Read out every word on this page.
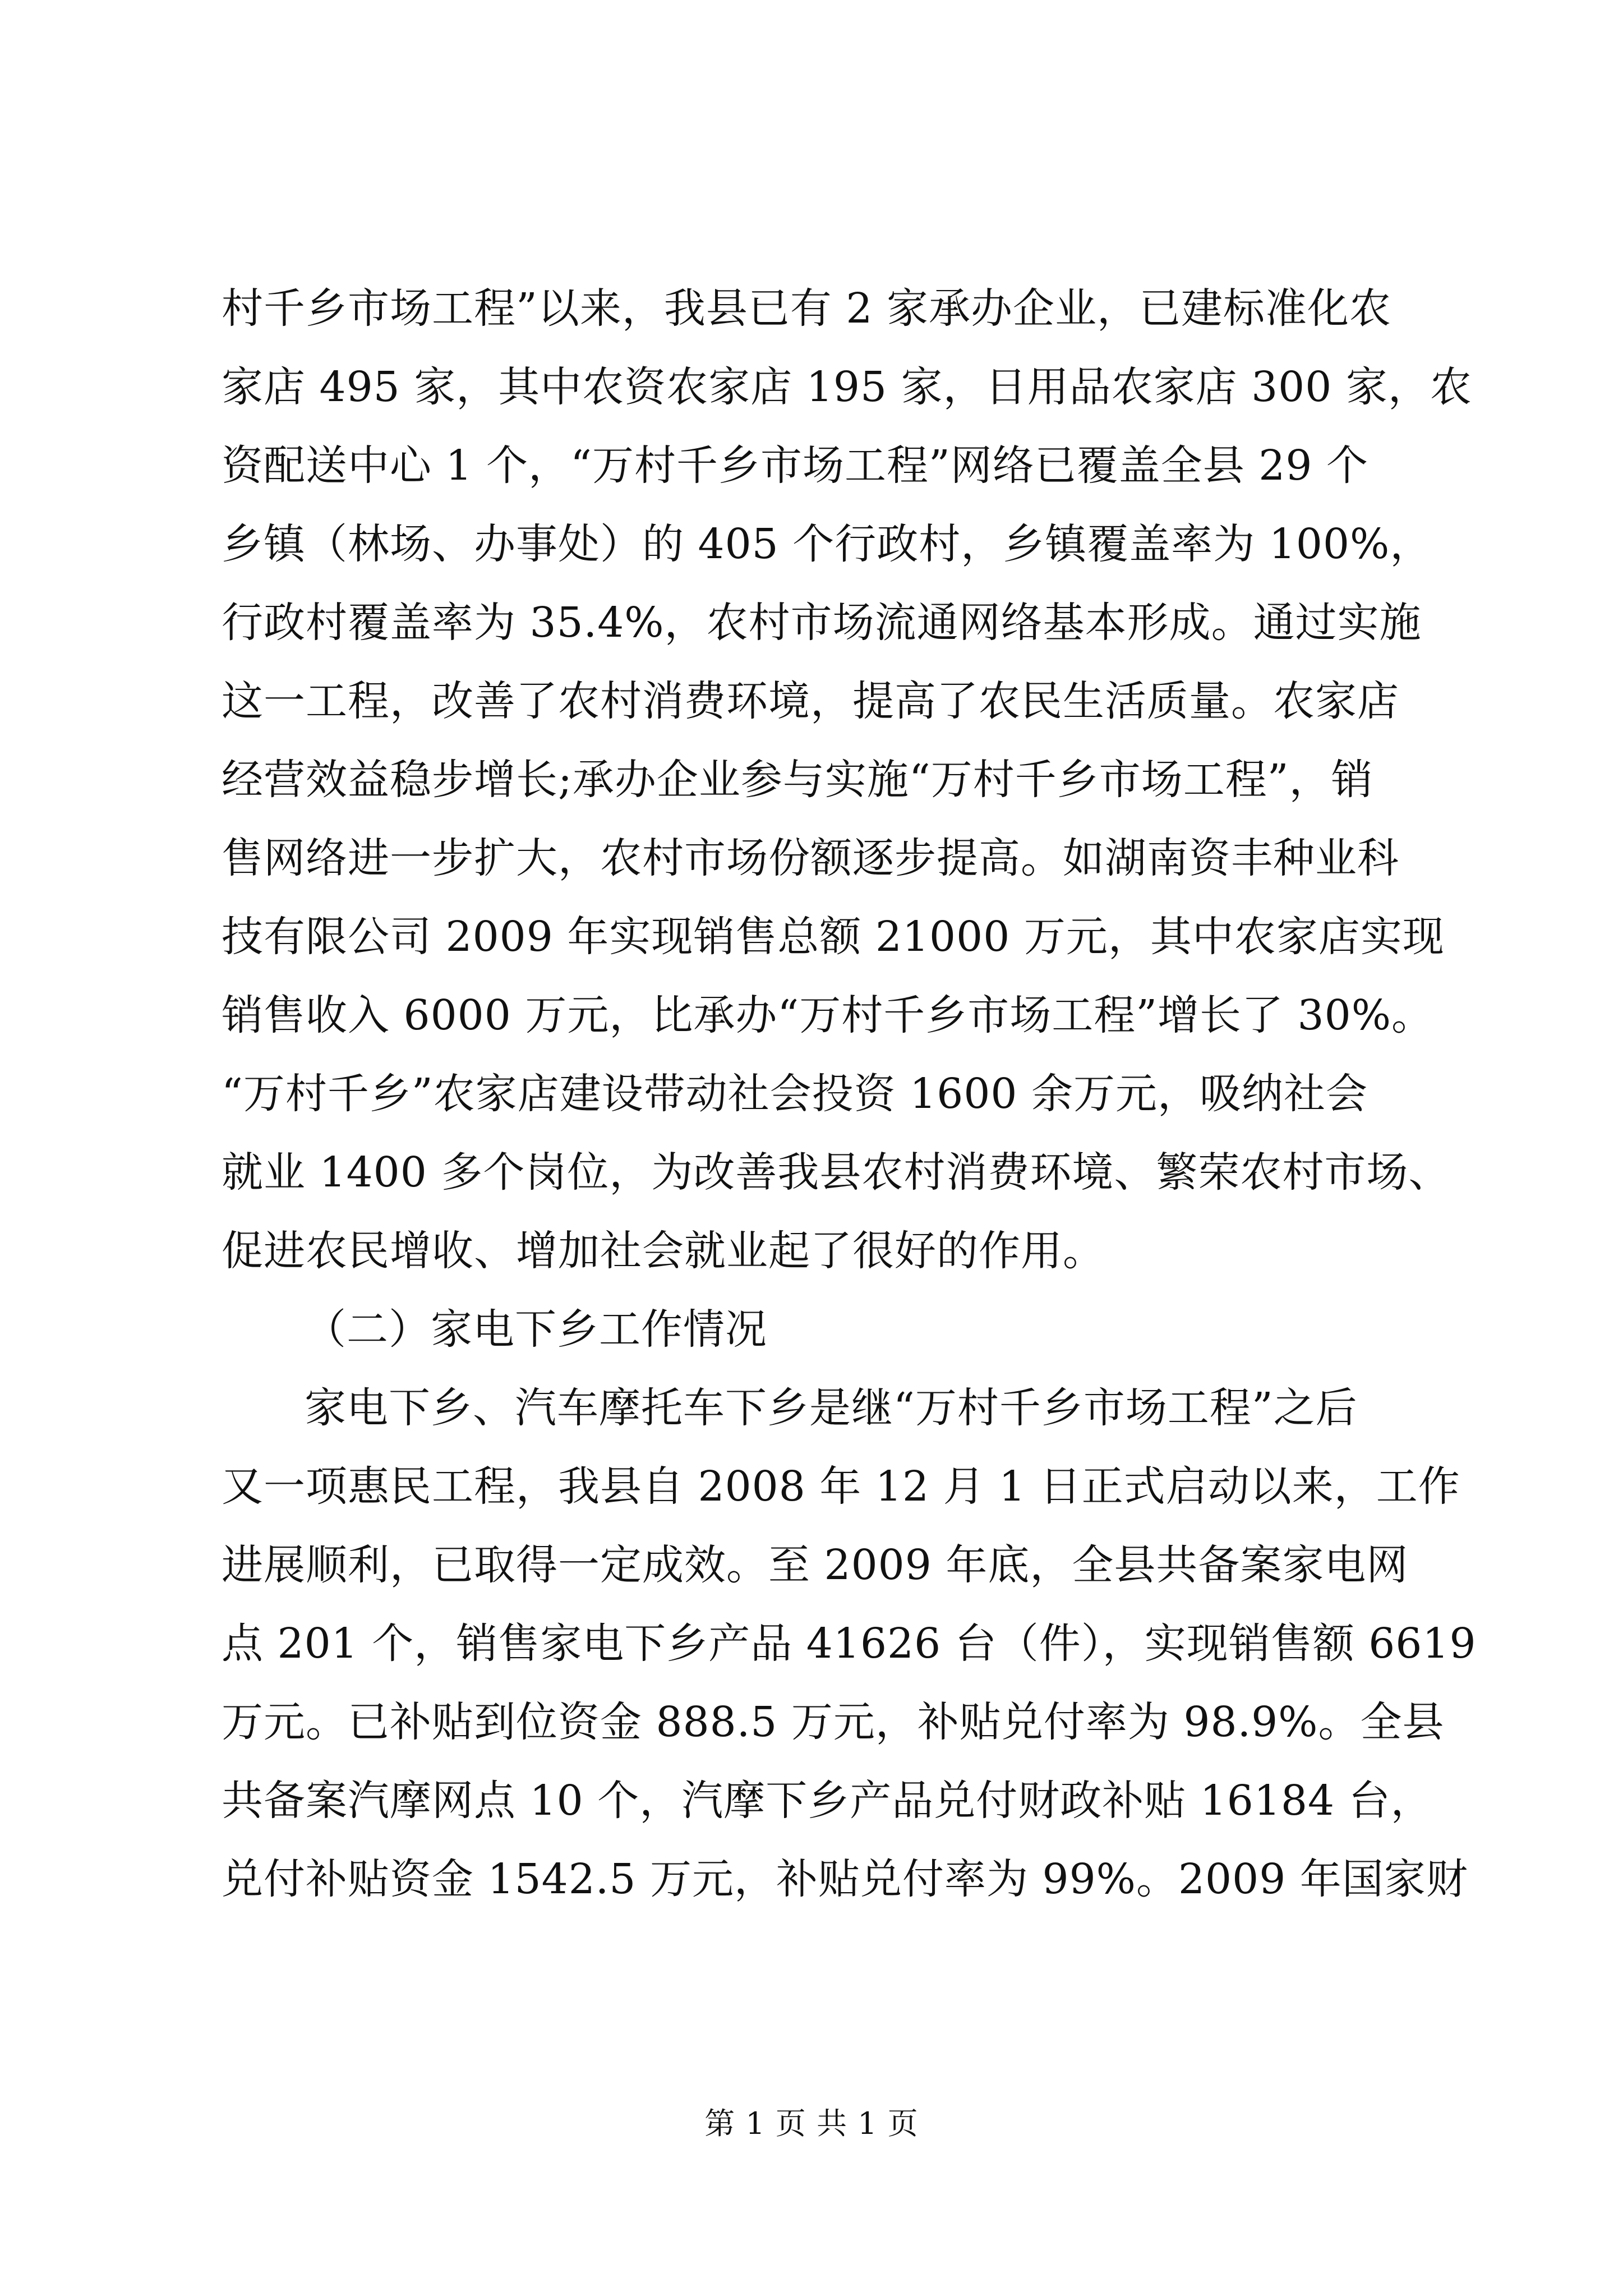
村千乡市场工程”以来，我县已有 2 家承办企业，已建标准化农
家店 495 家，其中农资农家店 195 家，日用品农家店 300 家，农
资配送中心 1 个，“万村千乡市场工程”网络已覆盖全县 29 个
乡镇（林场、办事处）的 405 个行政村，乡镇覆盖率为 100%，
行政村覆盖率为 35.4%，农村市场流通网络基本形成。通过实施
这一工程，改善了农村消费环境，提高了农民生活质量。农家店
经营效益稳步增长;承办企业参与实施“万村千乡市场工程”，销
售网络进一步扩大，农村市场份额逐步提高。如湖南资丰种业科
技有限公司 2009 年实现销售总额 21000 万元，其中农家店实现
销售收入 6000 万元，比承办“万村千乡市场工程”增长了 30%。
“万村千乡”农家店建设带动社会投资 1600 余万元，吸纳社会
就业 1400 多个岗位，为改善我县农村消费环境、繁荣农村市场、
促进农民增收、增加社会就业起了很好的作用。
（二）家电下乡工作情况
家电下乡、汽车摩托车下乡是继“万村千乡市场工程”之后
又一项惠民工程，我县自 2008 年 12 月 1 日正式启动以来，工作
进展顺利，已取得一定成效。至 2009 年底，全县共备案家电网
点 201 个，销售家电下乡产品 41626 台（件），实现销售额 6619
万元。已补贴到位资金 888.5 万元，补贴兑付率为 98.9%。全县
共备案汽摩网点 10 个，汽摩下乡产品兑付财政补贴 16184 台，
兑付补贴资金 1542.5 万元，补贴兑付率为 99%。2009 年国家财
第 1 页 共 1 页
